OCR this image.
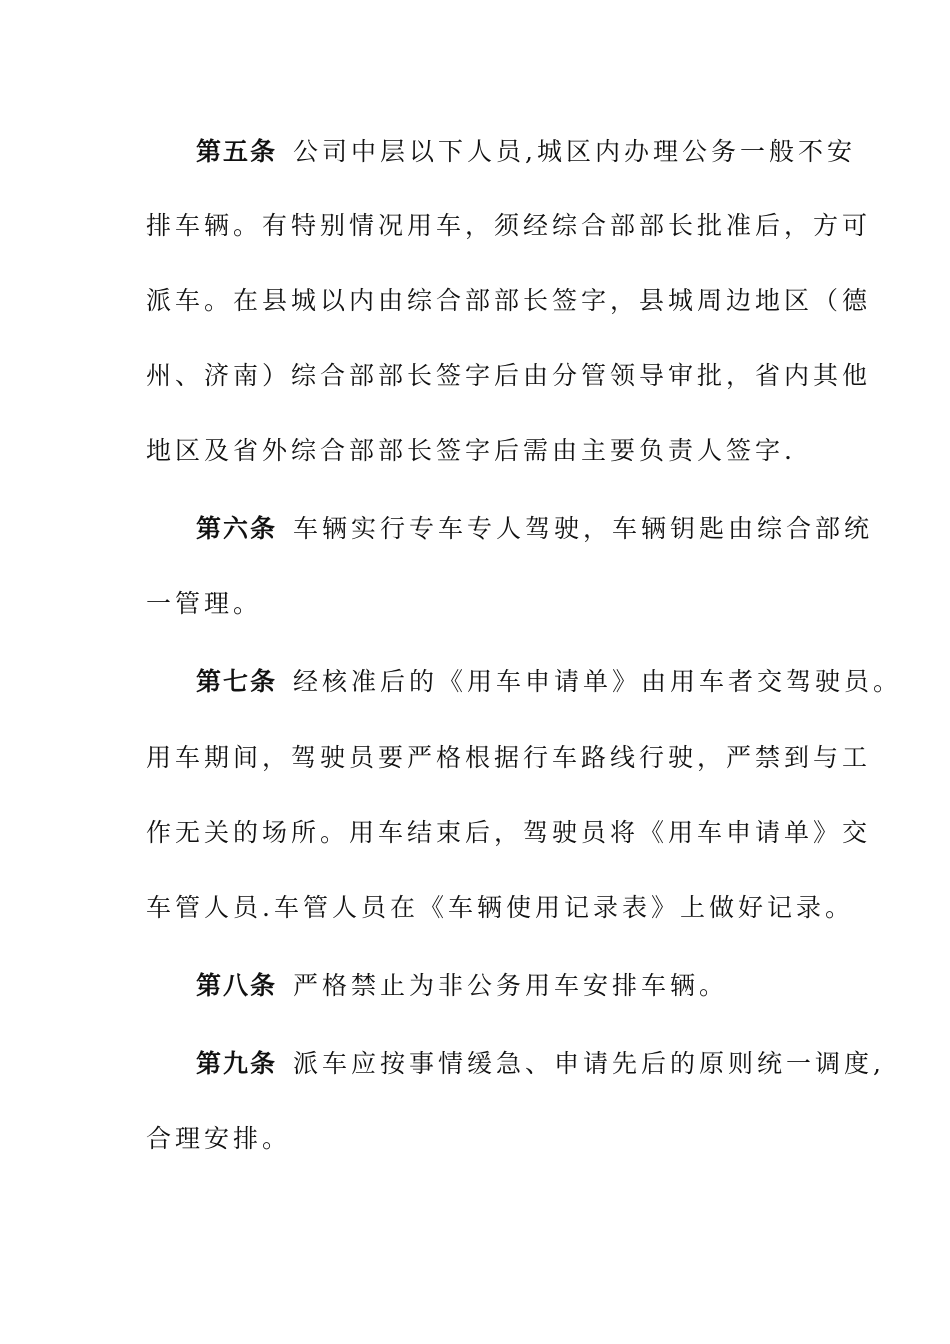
第五条 公司中层以下人员,城区内办理公务一般不安
排车辆。有特别情况用车，须经综合部部长批准后，方可
派车。在县城以内由综合部部长签字，县城周边地区（德
州、济南）综合部部长签字后由分管领导审批，省内其他
地区及省外综合部部长签字后需由主要负责人签字.
第六条 车辆实行专车专人驾驶，车辆钥匙由综合部统
一管理。
第七条 经核准后的《用车申请单》由用车者交驾驶员。
用车期间，驾驶员要严格根据行车路线行驶，严禁到与工
作无关的场所。用车结束后，驾驶员将《用车申请单》交
车管人员.车管人员在《车辆使用记录表》上做好记录。
第八条 严格禁止为非公务用车安排车辆。
第九条 派车应按事情缓急、申请先后的原则统一调度,
合理安排。
